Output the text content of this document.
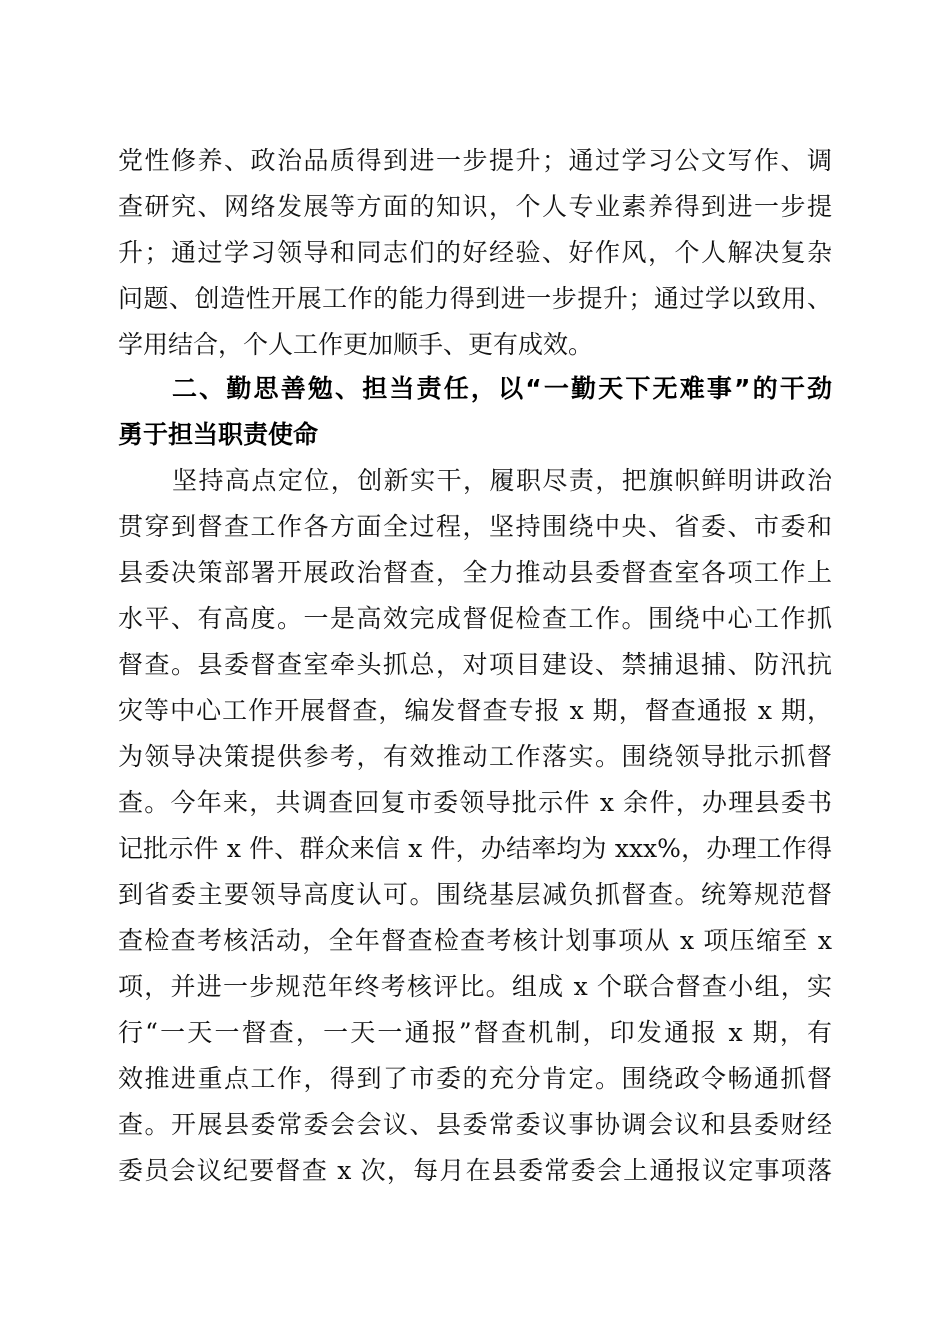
党性修养、政治品质得到进一步提升；通过学习公文写作、调
查研究、网络发展等方面的知识，个人专业素养得到进一步提
升；通过学习领导和同志们的好经验、好作风，个人解决复杂
问题、创造性开展工作的能力得到进一步提升；通过学以致用、
学用结合，个人工作更加顺手、更有成效。
二、勤思善勉、担当责任，以“一勤天下无难事”的干劲
勇于担当职责使命
坚持高点定位，创新实干，履职尽责，把旗帜鲜明讲政治
贯穿到督查工作各方面全过程，坚持围绕中央、省委、市委和
县委决策部署开展政治督查，全力推动县委督查室各项工作上
水平、有高度。一是高效完成督促检查工作。围绕中心工作抓
督查。县委督查室牵头抓总，对项目建设、禁捕退捕、防汛抗
灾等中心工作开展督查，编发督查专报 x 期，督查通报 x 期，
为领导决策提供参考，有效推动工作落实。围绕领导批示抓督
查。今年来，共调查回复市委领导批示件 x 余件，办理县委书
记批示件 x 件、群众来信 x 件，办结率均为 xxx%，办理工作得
到省委主要领导高度认可。围绕基层减负抓督查。统筹规范督
查检查考核活动，全年督查检查考核计划事项从 x 项压缩至 x
项，并进一步规范年终考核评比。组成 x 个联合督查小组，实
行“一天一督查，一天一通报”督查机制，印发通报 x 期，有
效推进重点工作，得到了市委的充分肯定。围绕政令畅通抓督
查。开展县委常委会会议、县委常委议事协调会议和县委财经
委员会议纪要督查 x 次，每月在县委常委会上通报议定事项落
